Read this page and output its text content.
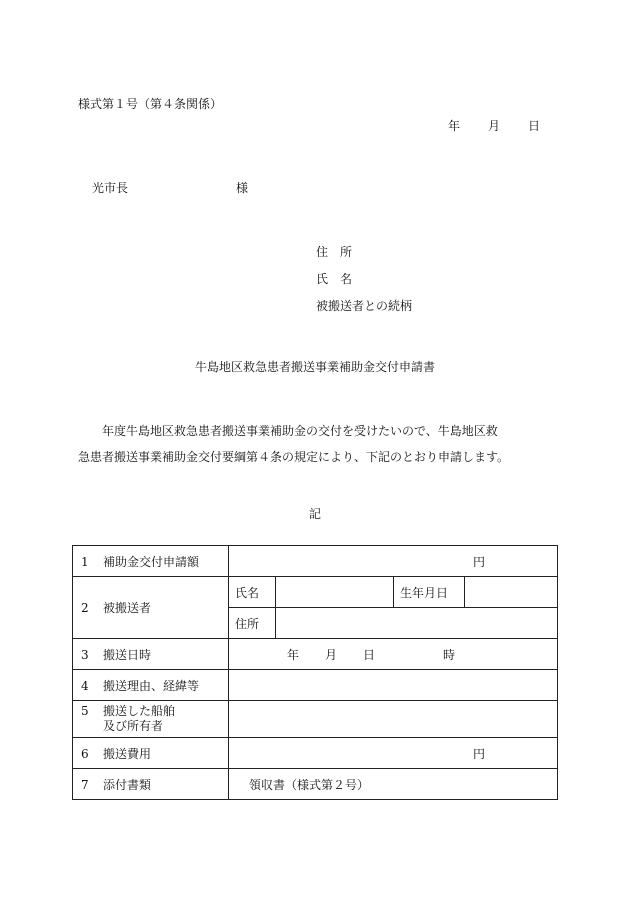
様式第１号（第４条関係）
年 月 日
光市長	様
住　所
氏　名
被搬送者との続柄
牛島地区救急患者搬送事業補助金交付申請書

　　年度牛島地区救急患者搬送事業補助金の交付を受けたいので、牛島地区救

急患者搬送事業補助金交付要綱第４条の規定により、下記のとおり申請します。

記
1 補助金交付申請額	円			
2 被搬送者	氏名		生年月日	
	住所			
3 搬送日時	年 月 日 時			
4 搬送理由、経緯等				
5 搬送した船舶
及び所有者				

6 搬送費用	円			
7 添付書類	領収書（様式第２号）			
